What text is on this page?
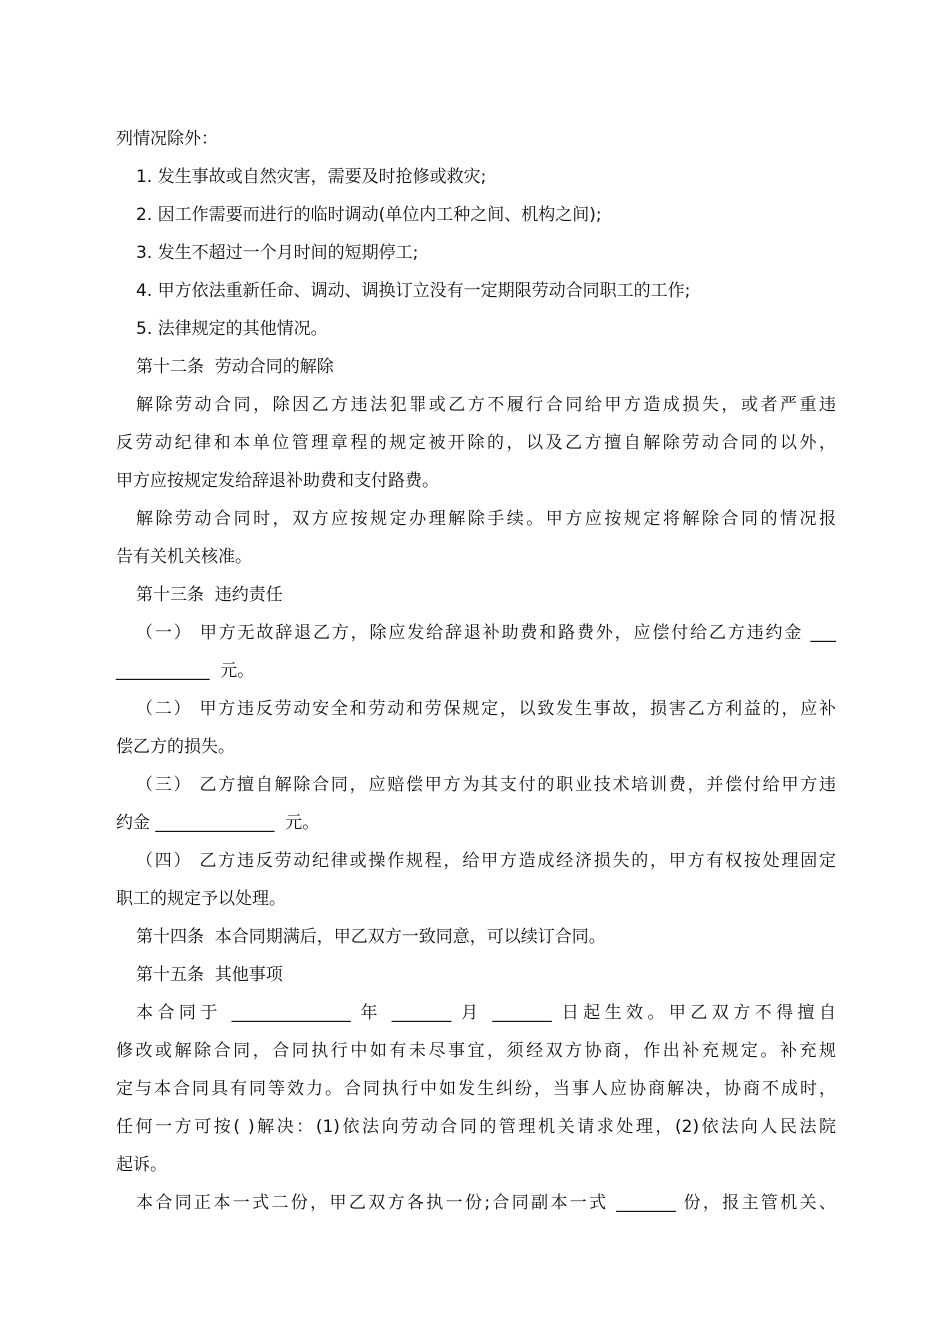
列情况除外：
1. 发生事故或自然灾害，需要及时抢修或救灾;
2. 因工作需要而进行的临时调动(单位内工种之间、机构之间);
3. 发生不超过一个月时间的短期停工;
4. 甲方依法重新任命、调动、调换订立没有一定期限劳动合同职工的工作;
5. 法律规定的其他情况。
第十二条  劳动合同的解除
解除劳动合同，除因乙方违法犯罪或乙方不履行合同给甲方造成损失，或者严重违
反劳动纪律和本单位管理章程的规定被开除的，以及乙方擅自解除劳动合同的以外，
甲方应按规定发给辞退补助费和支付路费。
解除劳动合同时，双方应按规定办理解除手续。甲方应按规定将解除合同的情况报
告有关机关核准。
第十三条  违约责任
（一） 甲方无故辞退乙方，除应发给辞退补助费和路费外，应偿付给乙方违约金 ___
___________  元。
（二） 甲方违反劳动安全和劳动和劳保规定，以致发生事故，损害乙方利益的，应补
偿乙方的损失。
（三） 乙方擅自解除合同，应赔偿甲方为其支付的职业技术培训费，并偿付给甲方违
约金 ______________  元。
（四） 乙方违反劳动纪律或操作规程，给甲方造成经济损失的，甲方有权按处理固定
职工的规定予以处理。
第十四条  本合同期满后，甲乙双方一致同意，可以续订合同。
第十五条  其他事项
本合同于 ______________ 年 _______ 月 _______ 日起生效。甲乙双方不得擅自
修改或解除合同，合同执行中如有未尽事宜，须经双方协商，作出补充规定。补充规
定与本合同具有同等效力。合同执行中如发生纠纷，当事人应协商解决，协商不成时，
任何一方可按( )解决：(1)依法向劳动合同的管理机关请求处理，(2)依法向人民法院
起诉。
本合同正本一式二份，甲乙双方各执一份;合同副本一式 _______ 份，报主管机关、
